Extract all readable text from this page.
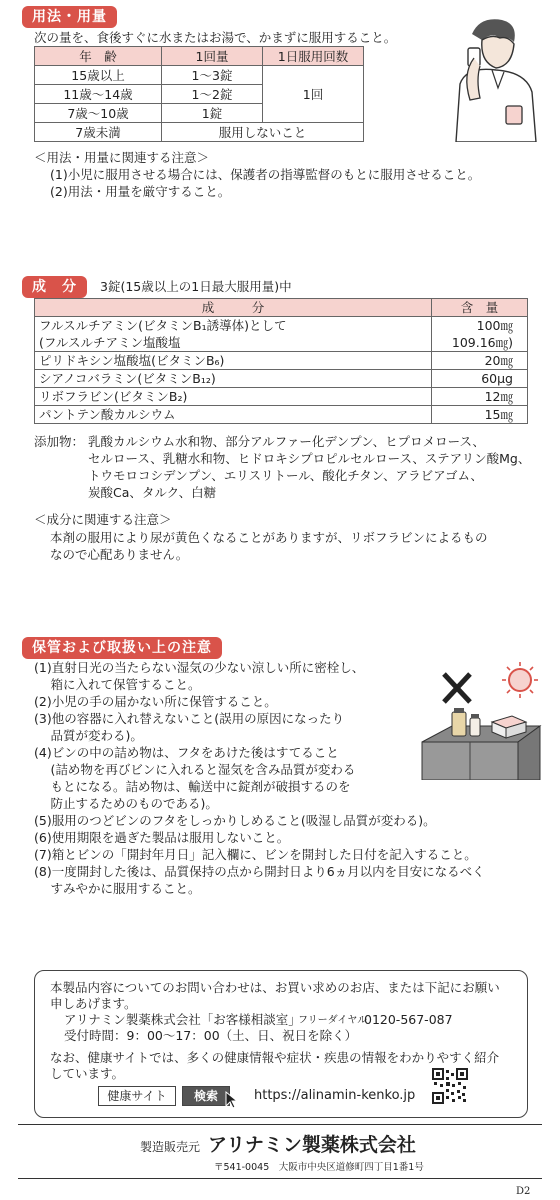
用法・用量
次の量を、食後すぐに水またはお湯で、かまずに服用すること。
年　齢	1回量	1日服用回数
15歳以上	1～3錠	1回
11歳～14歳	1～2錠	
7歳～10歳	1錠	
7歳未満	服用しないこと	
＜用法・用量に関連する注意＞
(1)小児に服用させる場合には、保護者の指導監督のもとに服用させること。
(2)用法・用量を厳守すること。
成　分	3錠(15歳以上の1日最大服用量)中
成　　　分	含　量
フルスルチアミン(ビタミンB₁誘導体)として	100㎎
(フルスルチアミン塩酸塩	109.16㎎)
ピリドキシン塩酸塩(ビタミンB₆)	20㎎
シアノコバラミン(ビタミンB₁₂)	60μg
リボフラビン(ビタミンB₂)	12㎎
パントテン酸カルシウム	15㎎
添加物： 乳酸カルシウム水和物、部分アルファー化デンプン、ヒプロメロース、
セルロース、乳糖水和物、ヒドロキシプロピルセルロース、ステアリン酸Mg、
トウモロコシデンプン、エリスリトール、酸化チタン、アラビアゴム、
炭酸Ca、タルク、白糖
＜成分に関連する注意＞
本剤の服用により尿が黄色くなることがありますが、リボフラビンによるもの
なので心配ありません。
保管および取扱い上の注意
(1)直射日光の当たらない湿気の少ない涼しい所に密栓し、
　 箱に入れて保管すること。
(2)小児の手の届かない所に保管すること。
(3)他の容器に入れ替えないこと(誤用の原因になったり
　 品質が変わる)。
(4)ビンの中の詰め物は、フタをあけた後はすてること
　 (詰め物を再びビンに入れると湿気を含み品質が変わる
　 もとになる。詰め物は、輸送中に錠剤が破損するのを
　 防止するためのものである)。
(5)服用のつどビンのフタをしっかりしめること(吸湿し品質が変わる)。
(6)使用期限を過ぎた製品は服用しないこと。
(7)箱とビンの「開封年月日」記入欄に、ビンを開封した日付を記入すること。
(8)一度開封した後は、品質保持の点から開封日より6ヵ月以内を目安になるべく
　 すみやかに服用すること。
本製品内容についてのお問い合わせは、お買い求めのお店、または下記にお願い
申しあげます。
アリナミン製薬株式会社「お客様相談室」
フリーダイヤル
0120-567-087
受付時間：9：00～17：00（土、日、祝日を除く）
なお、健康サイトでは、多くの健康情報や症状・疾患の情報をわかりやすく紹介
しています。
健康サイト	検索	https://alinamin-kenko.jp
製造販売元 アリナミン製薬株式会社
〒541-0045　大阪市中央区道修町四丁目1番1号
D2
